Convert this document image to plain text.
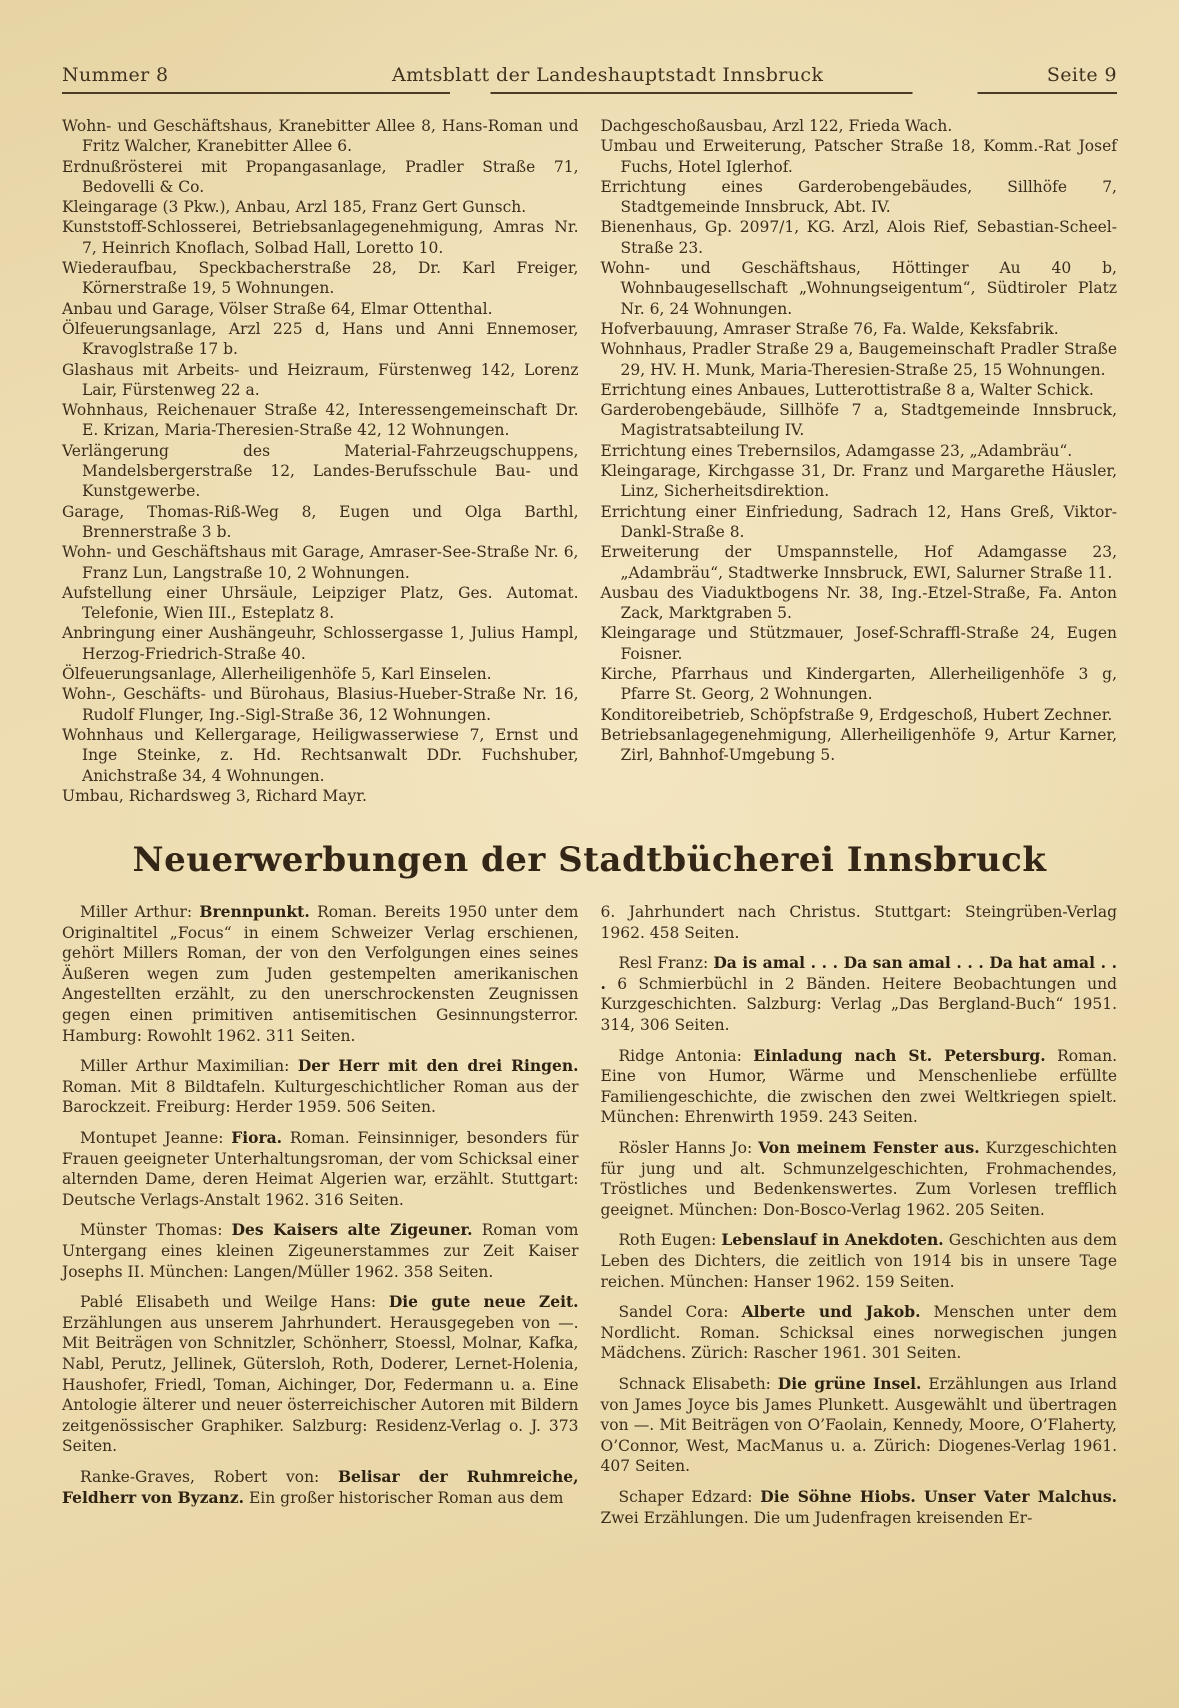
Nummer 8	Amtsblatt der Landeshauptstadt Innsbruck	Seite 9

Wohn- und Geschäftshaus, Kranebitter Allee 8, Hans-Roman und Fritz Walcher, Kranebitter Allee 6.

Erdnußrösterei mit Propangasanlage, Pradler Straße 71, Bedovelli & Co.

Kleingarage (3 Pkw.), Anbau, Arzl 185, Franz Gert Gunsch.

Kunststoff-Schlosserei, Betriebsanlagegenehmigung, Amras Nr. 7, Heinrich Knoflach, Solbad Hall, Loretto 10.

Wiederaufbau, Speckbacherstraße 28, Dr. Karl Freiger, Körnerstraße 19, 5 Wohnungen.

Anbau und Garage, Völser Straße 64, Elmar Ottenthal.

Ölfeuerungsanlage, Arzl 225 d, Hans und Anni Ennemoser, Kravoglstraße 17 b.

Glashaus mit Arbeits- und Heizraum, Fürstenweg 142, Lorenz Lair, Fürstenweg 22 a.

Wohnhaus, Reichenauer Straße 42, Interessengemeinschaft Dr. E. Krizan, Maria-Theresien-Straße 42, 12 Wohnungen.

Verlängerung des Material-Fahrzeugschuppens, Mandelsbergerstraße 12, Landes-Berufsschule Bau- und Kunstgewerbe.

Garage, Thomas-Riß-Weg 8, Eugen und Olga Barthl, Brennerstraße 3 b.

Wohn- und Geschäftshaus mit Garage, Amraser-See-Straße Nr. 6, Franz Lun, Langstraße 10, 2 Wohnungen.

Aufstellung einer Uhrsäule, Leipziger Platz, Ges. Automat. Telefonie, Wien III., Esteplatz 8.

Anbringung einer Aushängeuhr, Schlossergasse 1, Julius Hampl, Herzog-Friedrich-Straße 40.

Ölfeuerungsanlage, Allerheiligenhöfe 5, Karl Einselen.

Wohn-, Geschäfts- und Bürohaus, Blasius-Hueber-Straße Nr. 16, Rudolf Flunger, Ing.-Sigl-Straße 36, 12 Wohnungen.

Wohnhaus und Kellergarage, Heiligwasserwiese 7, Ernst und Inge Steinke, z. Hd. Rechtsanwalt DDr. Fuchshuber, Anichstraße 34, 4 Wohnungen.

Umbau, Richardsweg 3, Richard Mayr.

Dachgeschoßausbau, Arzl 122, Frieda Wach.

Umbau und Erweiterung, Patscher Straße 18, Komm.-Rat Josef Fuchs, Hotel Iglerhof.

Errichtung eines Garderobengebäudes, Sillhöfe 7, Stadtgemeinde Innsbruck, Abt. IV.

Bienenhaus, Gp. 2097/1, KG. Arzl, Alois Rief, Sebastian-Scheel-Straße 23.

Wohn- und Geschäftshaus, Höttinger Au 40 b, Wohnbaugesellschaft „Wohnungseigentum“, Südtiroler Platz Nr. 6, 24 Wohnungen.

Hofverbauung, Amraser Straße 76, Fa. Walde, Keksfabrik.

Wohnhaus, Pradler Straße 29 a, Baugemeinschaft Pradler Straße 29, HV. H. Munk, Maria-Theresien-Straße 25, 15 Wohnungen.

Errichtung eines Anbaues, Lutterottistraße 8 a, Walter Schick.

Garderobengebäude, Sillhöfe 7 a, Stadtgemeinde Innsbruck, Magistratsabteilung IV.

Errichtung eines Trebernsilos, Adamgasse 23, „Adambräu“.

Kleingarage, Kirchgasse 31, Dr. Franz und Margarethe Häusler, Linz, Sicherheitsdirektion.

Errichtung einer Einfriedung, Sadrach 12, Hans Greß, Viktor-Dankl-Straße 8.

Erweiterung der Umspannstelle, Hof Adamgasse 23, „Adambräu“, Stadtwerke Innsbruck, EWI, Salurner Straße 11.

Ausbau des Viaduktbogens Nr. 38, Ing.-Etzel-Straße, Fa. Anton Zack, Marktgraben 5.

Kleingarage und Stützmauer, Josef-Schraffl-Straße 24, Eugen Foisner.

Kirche, Pfarrhaus und Kindergarten, Allerheiligenhöfe 3 g, Pfarre St. Georg, 2 Wohnungen.

Konditoreibetrieb, Schöpfstraße 9, Erdgeschoß, Hubert Zechner.

Betriebsanlagegenehmigung, Allerheiligenhöfe 9, Artur Karner, Zirl, Bahnhof-Umgebung 5.

Neuerwerbungen der Stadtbücherei Innsbruck

Miller Arthur: Brennpunkt. Roman. Bereits 1950 unter dem Originaltitel „Focus“ in einem Schweizer Verlag erschienen, gehört Millers Roman, der von den Verfolgungen eines seines Äußeren wegen zum Juden gestempelten amerikanischen Angestellten erzählt, zu den unerschrockensten Zeugnissen gegen einen primitiven antisemitischen Gesinnungsterror. Hamburg: Rowohlt 1962. 311 Seiten.

Miller Arthur Maximilian: Der Herr mit den drei Ringen. Roman. Mit 8 Bildtafeln. Kulturgeschichtlicher Roman aus der Barockzeit. Freiburg: Herder 1959. 506 Seiten.

Montupet Jeanne: Fiora. Roman. Feinsinniger, besonders für Frauen geeigneter Unterhaltungsroman, der vom Schicksal einer alternden Dame, deren Heimat Algerien war, erzählt. Stuttgart: Deutsche Verlags-Anstalt 1962. 316 Seiten.

Münster Thomas: Des Kaisers alte Zigeuner. Roman vom Untergang eines kleinen Zigeunerstammes zur Zeit Kaiser Josephs II. München: Langen/Müller 1962. 358 Seiten.

Pablé Elisabeth und Weilge Hans: Die gute neue Zeit. Erzählungen aus unserem Jahrhundert. Herausgegeben von —. Mit Beiträgen von Schnitzler, Schönherr, Stoessl, Molnar, Kafka, Nabl, Perutz, Jellinek, Gütersloh, Roth, Doderer, Lernet-Holenia, Haushofer, Friedl, Toman, Aichinger, Dor, Federmann u. a. Eine Antologie älterer und neuer österreichischer Autoren mit Bildern zeitgenössischer Graphiker. Salzburg: Residenz-Verlag o. J. 373 Seiten.

Ranke-Graves, Robert von: Belisar der Ruhmreiche, Feldherr von Byzanz. Ein großer historischer Roman aus dem

6. Jahrhundert nach Christus. Stuttgart: Steingrüben-Verlag 1962. 458 Seiten.

Resl Franz: Da is amal . . . Da san amal . . . Da hat amal . . . 6 Schmierbüchl in 2 Bänden. Heitere Beobachtungen und Kurzgeschichten. Salzburg: Verlag „Das Bergland-Buch“ 1951. 314, 306 Seiten.

Ridge Antonia: Einladung nach St. Petersburg. Roman. Eine von Humor, Wärme und Menschenliebe erfüllte Familiengeschichte, die zwischen den zwei Weltkriegen spielt. München: Ehrenwirth 1959. 243 Seiten.

Rösler Hanns Jo: Von meinem Fenster aus. Kurzgeschichten für jung und alt. Schmunzelgeschichten, Frohmachendes, Tröstliches und Bedenkenswertes. Zum Vorlesen trefflich geeignet. München: Don-Bosco-Verlag 1962. 205 Seiten.

Roth Eugen: Lebenslauf in Anekdoten. Geschichten aus dem Leben des Dichters, die zeitlich von 1914 bis in unsere Tage reichen. München: Hanser 1962. 159 Seiten.

Sandel Cora: Alberte und Jakob. Menschen unter dem Nordlicht. Roman. Schicksal eines norwegischen jungen Mädchens. Zürich: Rascher 1961. 301 Seiten.

Schnack Elisabeth: Die grüne Insel. Erzählungen aus Irland von James Joyce bis James Plunkett. Ausgewählt und übertragen von —. Mit Beiträgen von O’Faolain, Kennedy, Moore, O’Flaherty, O’Connor, West, MacManus u. a. Zürich: Diogenes-Verlag 1961. 407 Seiten.

Schaper Edzard: Die Söhne Hiobs. Unser Vater Malchus. Zwei Erzählungen. Die um Judenfragen kreisenden Er-
